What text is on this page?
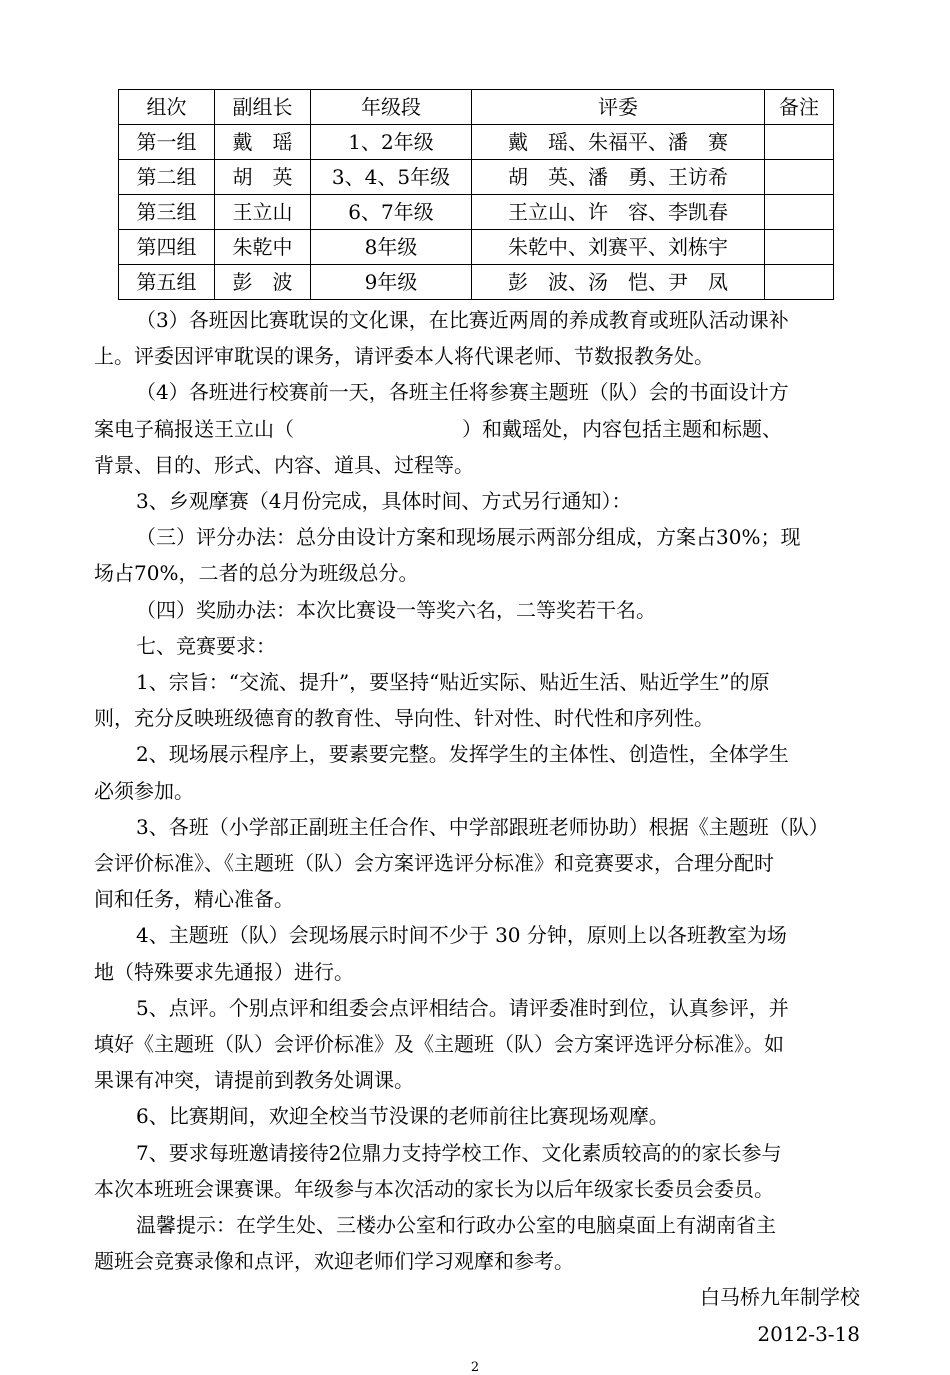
组次	副组长	年级段	评委	备注
第一组	戴　瑶	1、2年级	戴　瑶、朱福平、潘　赛	
第二组	胡　英	3、4、5年级	胡　英、潘　勇、王访希	
第三组	王立山	6、7年级	王立山、许　容、李凯春	
第四组	朱乾中	8年级	朱乾中、刘赛平、刘栋宇	
第五组	彭　波	9年级	彭　波、汤　恺、尹　凤	

（3）各班因比赛耽误的文化课，在比赛近两周的养成教育或班队活动课补

上。评委因评审耽误的课务，请评委本人将代课老师、节数报教务处。

（4）各班进行校赛前一天，各班主任将参赛主题班（队）会的书面设计方

案电子稿报送王立山（	）和戴瑶处，内容包括主题和标题、

背景、目的、形式、内容、道具、过程等。

3、乡观摩赛（4月份完成，具体时间、方式另行通知）：

（三）评分办法：总分由设计方案和现场展示两部分组成，方案占30%；现

场占70%，二者的总分为班级总分。

（四）奖励办法：本次比赛设一等奖六名，二等奖若干名。

七、竞赛要求：

1、宗旨：“交流、提升”，要坚持“贴近实际、贴近生活、贴近学生”的原

则，充分反映班级德育的教育性、导向性、针对性、时代性和序列性。

2、现场展示程序上，要素要完整。发挥学生的主体性、创造性，全体学生

必须参加。

3、各班（小学部正副班主任合作、中学部跟班老师协助）根据《主题班（队）

会评价标准》、《主题班（队）会方案评选评分标准》和竞赛要求，合理分配时

间和任务，精心准备。

4、主题班（队）会现场展示时间不少于 30 分钟，原则上以各班教室为场

地（特殊要求先通报）进行。

5、点评。个别点评和组委会点评相结合。请评委准时到位，认真参评，并

填好《主题班（队）会评价标准》及《主题班（队）会方案评选评分标准》。如

果课有冲突，请提前到教务处调课。

6、比赛期间，欢迎全校当节没课的老师前往比赛现场观摩。

7、要求每班邀请接待2位鼎力支持学校工作、文化素质较高的的家长参与

本次本班班会课赛课。年级参与本次活动的家长为以后年级家长委员会委员。

温馨提示：在学生处、三楼办公室和行政办公室的电脑桌面上有湖南省主

题班会竞赛录像和点评，欢迎老师们学习观摩和参考。

白马桥九年制学校
2012-3-18
2
